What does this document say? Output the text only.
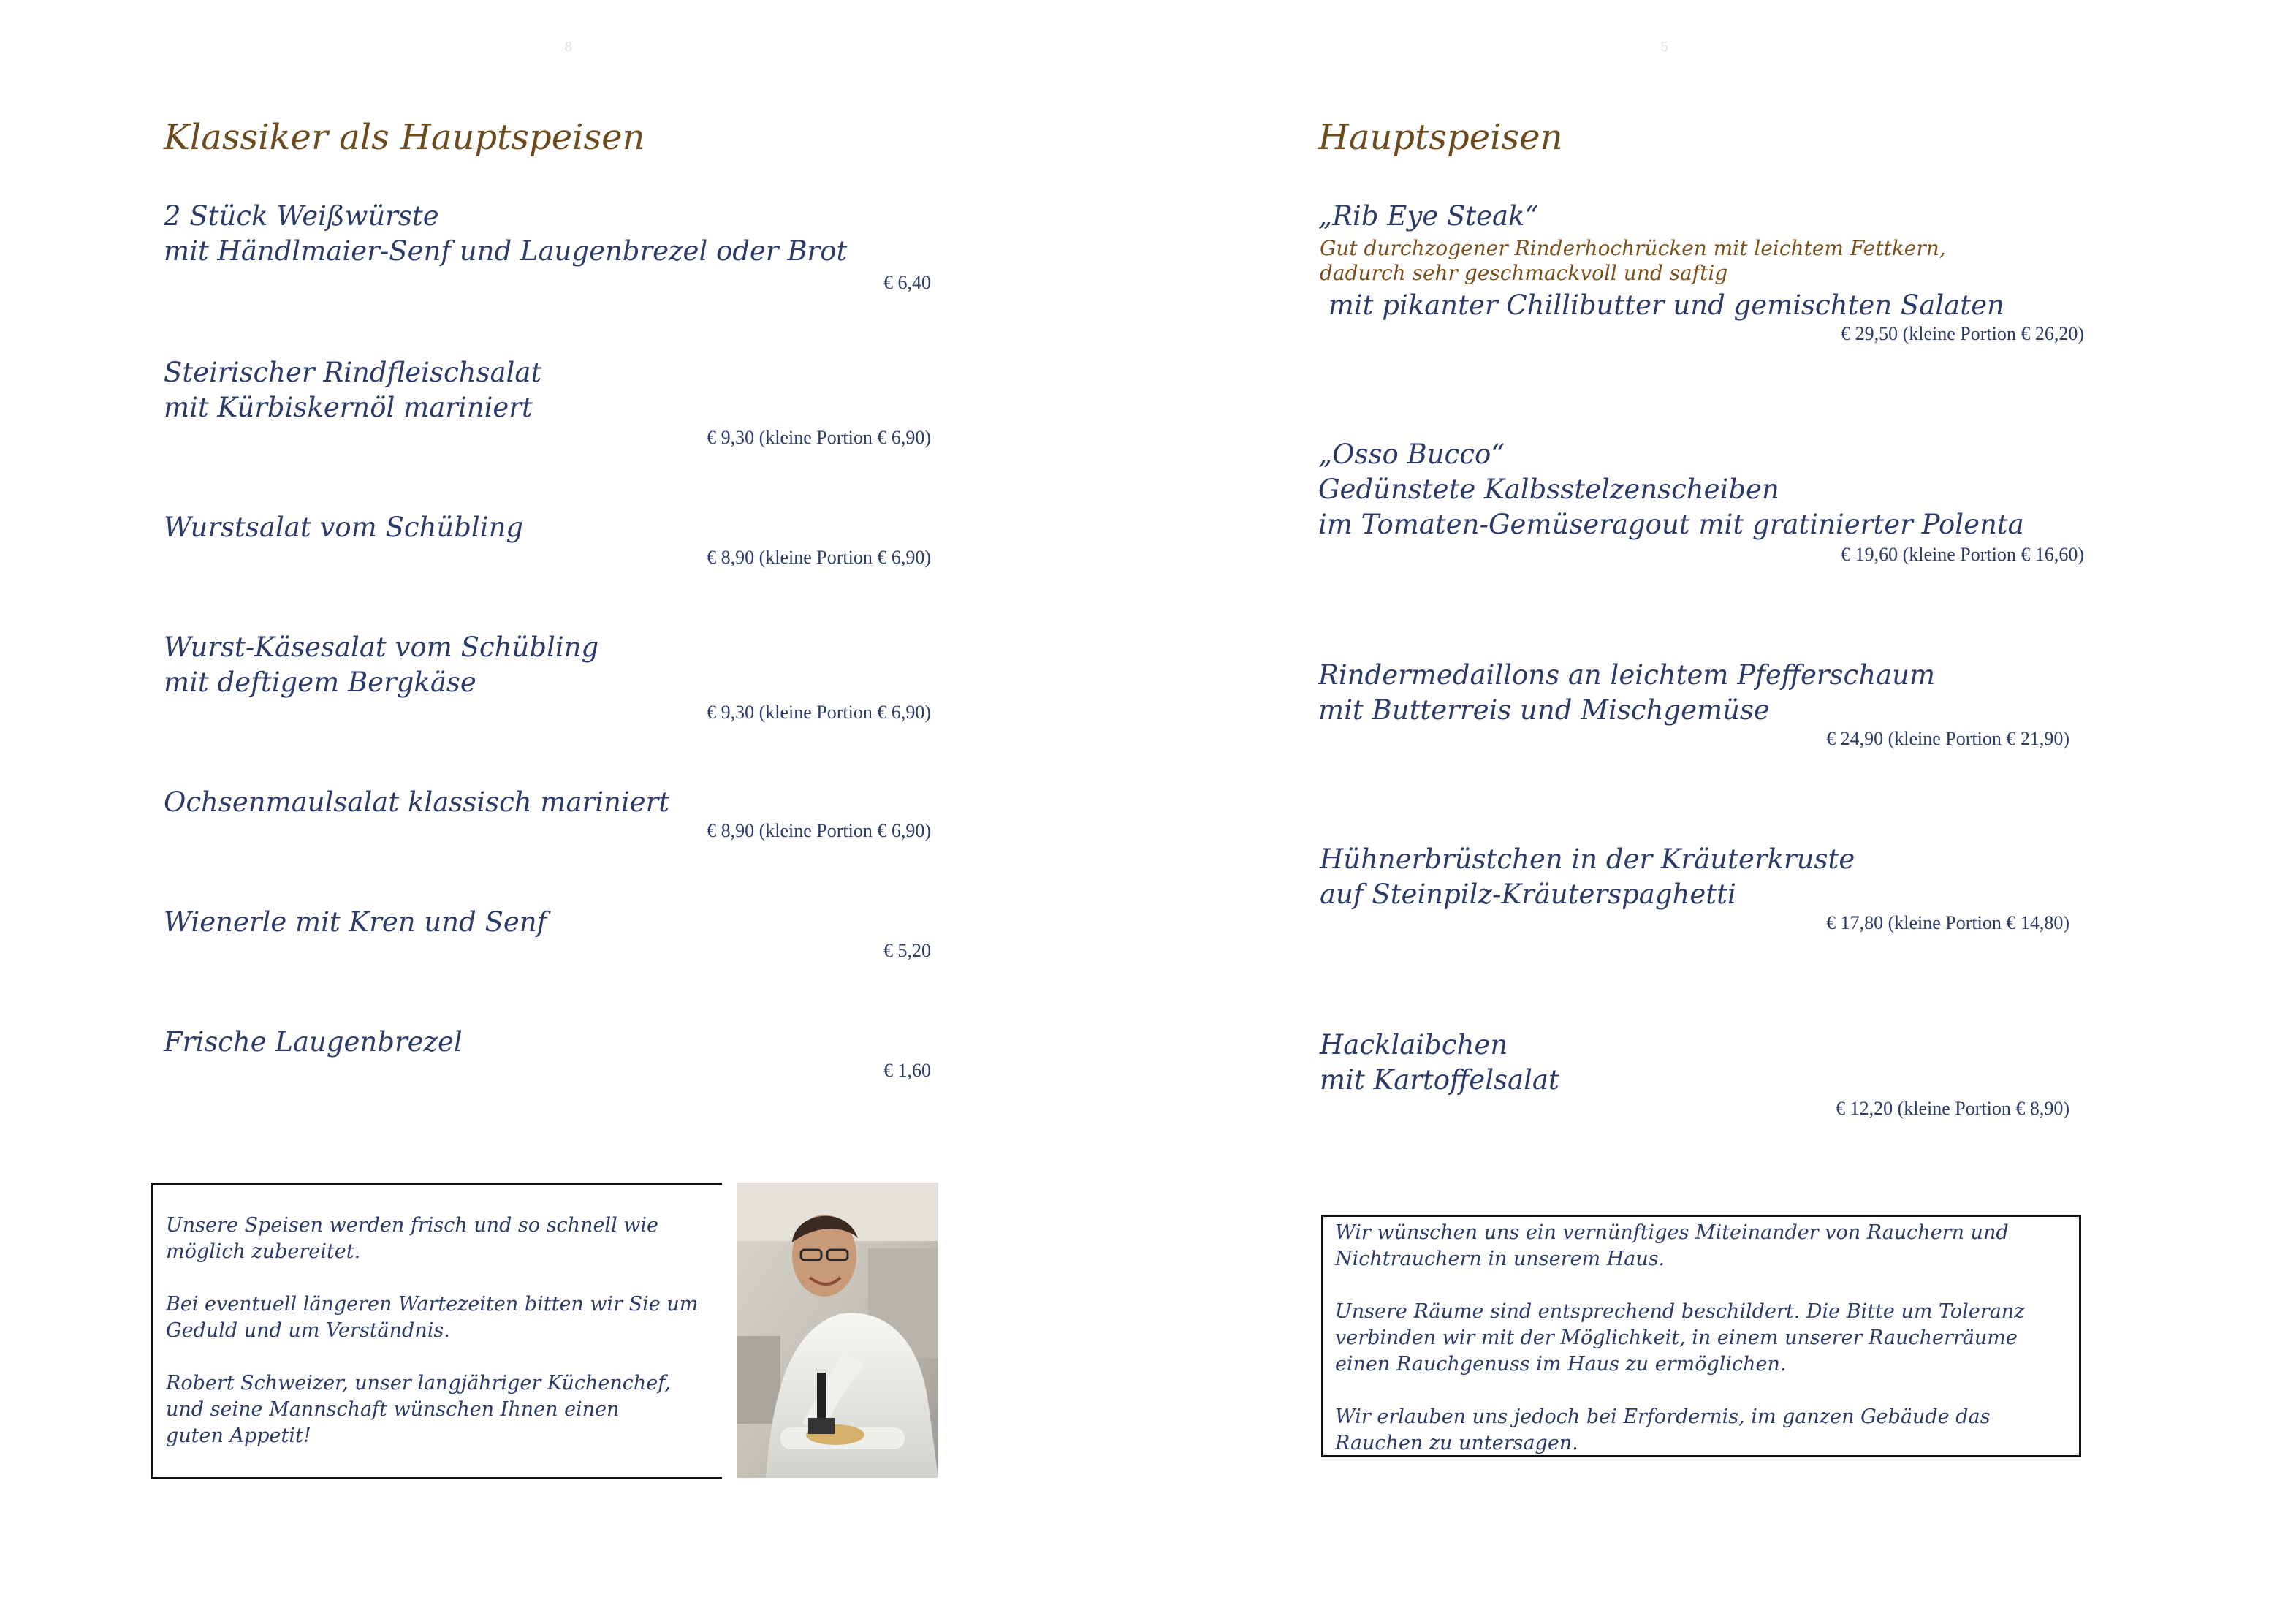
8
Klassiker als Hauptspeisen
2 Stück Weißwürste
mit Händlmaier-Senf und Laugenbrezel oder Brot
€ 6,40
Steirischer Rindfleischsalat
mit Kürbiskernöl mariniert
€ 9,30 (kleine Portion € 6,90)
Wurstsalat vom Schübling
€ 8,90 (kleine Portion € 6,90)
Wurst-Käsesalat vom Schübling
mit deftigem Bergkäse
€ 9,30 (kleine Portion € 6,90)
Ochsenmaulsalat klassisch mariniert
€ 8,90 (kleine Portion € 6,90)
Wienerle mit Kren und Senf
€ 5,20
Frische Laugenbrezel
€ 1,60

Unsere Speisen werden frisch und so schnell wie möglich zubereitet.

Bei eventuell längeren Wartezeiten bitten wir Sie um Geduld und um Verständnis.

Robert Schweizer, unser langjähriger Küchenchef, und seine Mannschaft wünschen Ihnen einen
guten Appetit!

5
Hauptspeisen
„Rib Eye Steak“
Gut durchzogener Rinderhochrücken mit leichtem Fettkern,
dadurch sehr geschmackvoll und saftig
mit pikanter Chillibutter und gemischten Salaten
€ 29,50 (kleine Portion € 26,20)
„Osso Bucco“
Gedünstete Kalbsstelzenscheiben
im Tomaten-Gemüseragout mit gratinierter Polenta
€ 19,60 (kleine Portion € 16,60)
Rindermedaillons an leichtem Pfefferschaum
mit Butterreis und Mischgemüse
€ 24,90 (kleine Portion € 21,90)
Hühnerbrüstchen in der Kräuterkruste
auf Steinpilz-Kräuterspaghetti
€ 17,80 (kleine Portion € 14,80)
Hacklaibchen
mit Kartoffelsalat
€ 12,20 (kleine Portion € 8,90)

Wir wünschen uns ein vernünftiges Miteinander von Rauchern und Nichtrauchern in unserem Haus.

Unsere Räume sind entsprechend beschildert. Die Bitte um Toleranz verbinden wir mit der Möglichkeit, in einem unserer Raucherräume einen Rauchgenuss im Haus zu ermöglichen.

Wir erlauben uns jedoch bei Erfordernis, im ganzen Gebäude das Rauchen zu untersagen.
